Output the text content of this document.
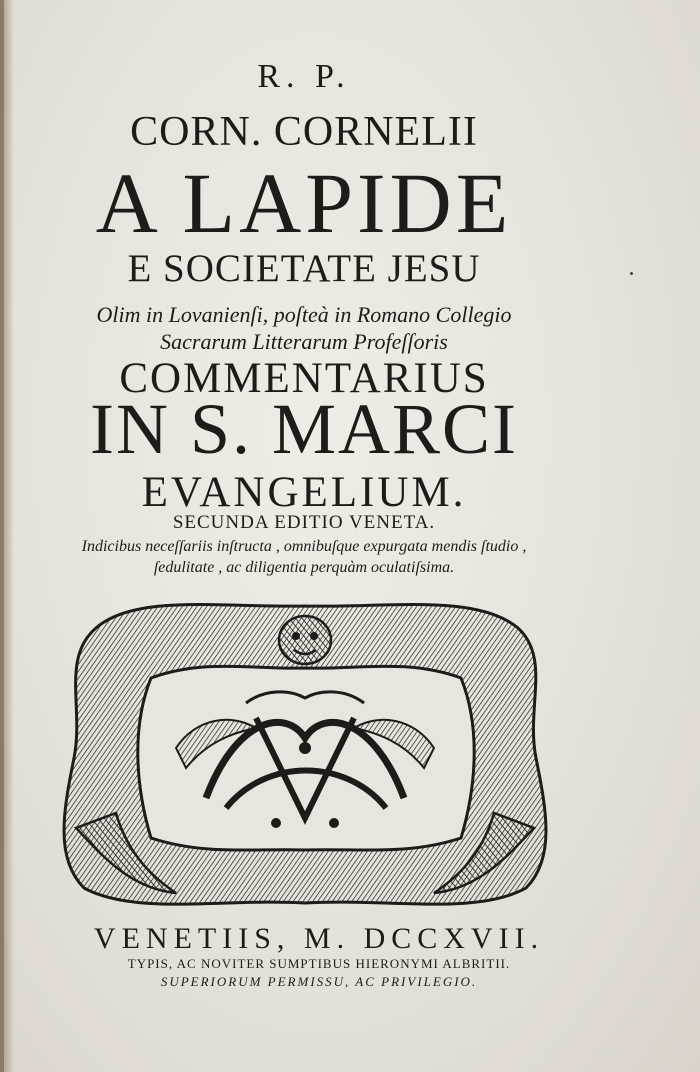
R. P.
CORN. CORNELII
A LAPIDE
E SOCIETATE JESU
Olim in Lovanienſi, poſteà in Romano Collegio
Sacrarum Litterarum Profeſſoris
COMMENTARIUS
IN S. MARCI
EVANGELIUM.
SECUNDA EDITIO VENETA.
Indicibus neceſſariis inſtructa , omnibuſque expurgata mendis ſtudio ,
ſedulitate , ac diligentia perquàm oculatiſsima.
VENETIIS, M. DCCXVII.
TYPIS, AC NOVITER SUMPTIBUS HIERONYMI ALBRITII.
SUPERIORUM PERMISSU, AC PRIVILEGIO.
